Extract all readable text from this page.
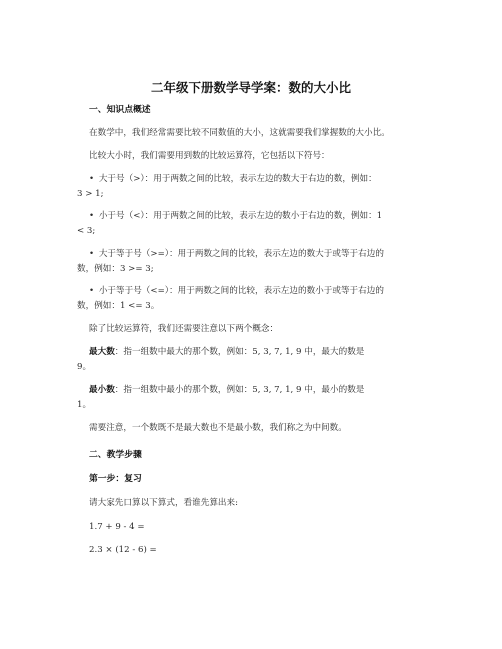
二年级下册数学导学案：数的大小比
一、知识点概述
在数学中，我们经常需要比较不同数值的大小，这就需要我们掌握数的大小比。
比较大小时，我们需要用到数的比较运算符，它包括以下符号：
• 大于号（>）：用于两数之间的比较，表示左边的数大于右边的数，例如：
3 > 1;
• 小于号（<）：用于两数之间的比较，表示左边的数小于右边的数，例如：1
< 3;
• 大于等于号（>=）：用于两数之间的比较，表示左边的数大于或等于右边的
数，例如：3 >= 3;
• 小于等于号（<=）：用于两数之间的比较，表示左边的数小于或等于右边的
数，例如：1 <= 3。
除了比较运算符，我们还需要注意以下两个概念：
最大数：指一组数中最大的那个数，例如：5, 3, 7, 1, 9 中，最大的数是
9。
最小数：指一组数中最小的那个数，例如：5, 3, 7, 1, 9 中，最小的数是
1。
需要注意，一个数既不是最大数也不是最小数，我们称之为中间数。
二、教学步骤
第一步：复习
请大家先口算以下算式，看谁先算出来:
1.7 + 9 - 4 =
2.3 × (12 - 6) =
